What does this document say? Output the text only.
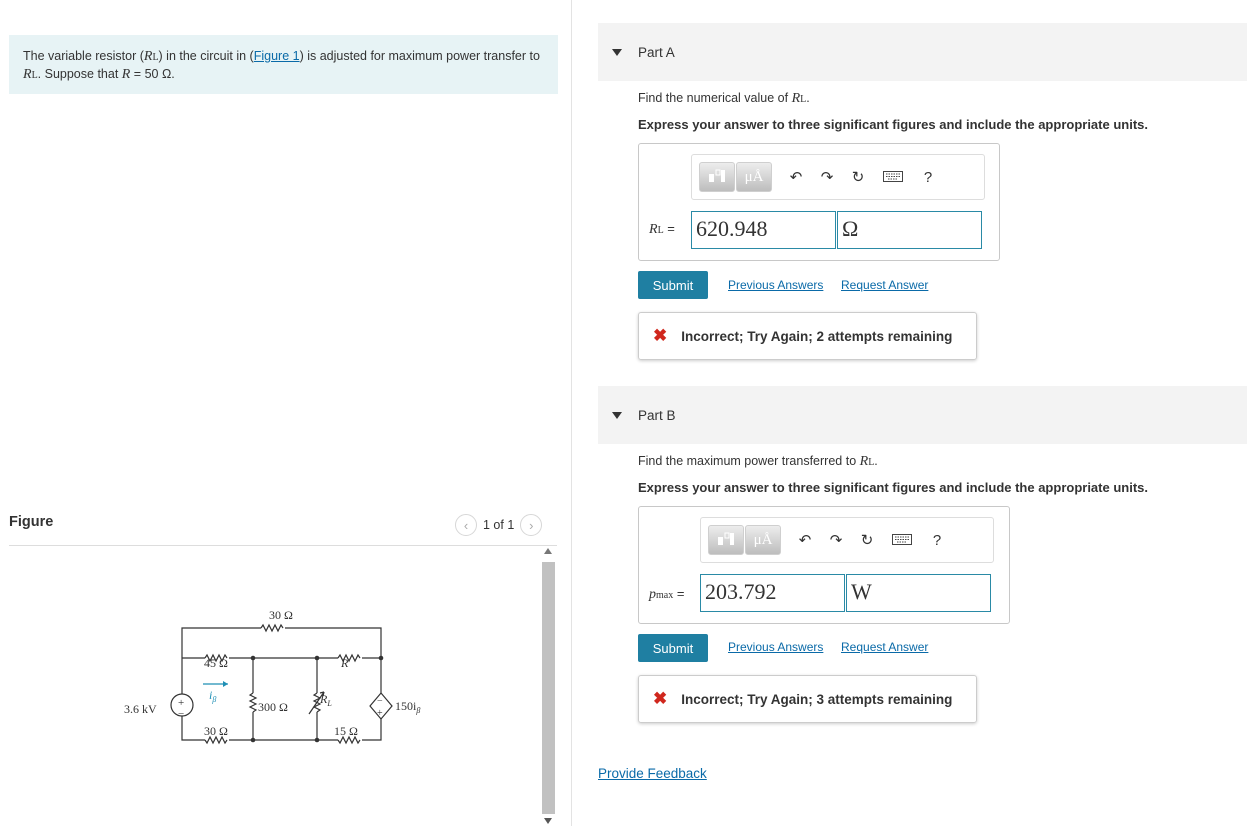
The variable resistor (RL) in the circuit in (Figure 1) is adjusted for maximum power transfer to RL. Suppose that R = 50 Ω.
Figure	‹ 1 of 1 ›
30 Ω
45 Ω	R
$i_\beta$
3.6 kV +
−	300 Ω
$R_L$	−
+
$150i_\beta$
30 Ω	15 Ω
Part A
Find the numerical value of RL.
Express your answer to three significant figures and include the appropriate units.
μÅ ↶ ↷ ↻	?
RL = 620.948	Ω
Submit	Previous Answers Request Answer
✖ Incorrect; Try Again; 2 attempts remaining
Part B
Find the maximum power transferred to RL.
Express your answer to three significant figures and include the appropriate units.
μÅ ↶ ↷ ↻	?
pmax = 203.792	W
Submit	Previous Answers Request Answer
✖ Incorrect; Try Again; 3 attempts remaining
Provide Feedback
